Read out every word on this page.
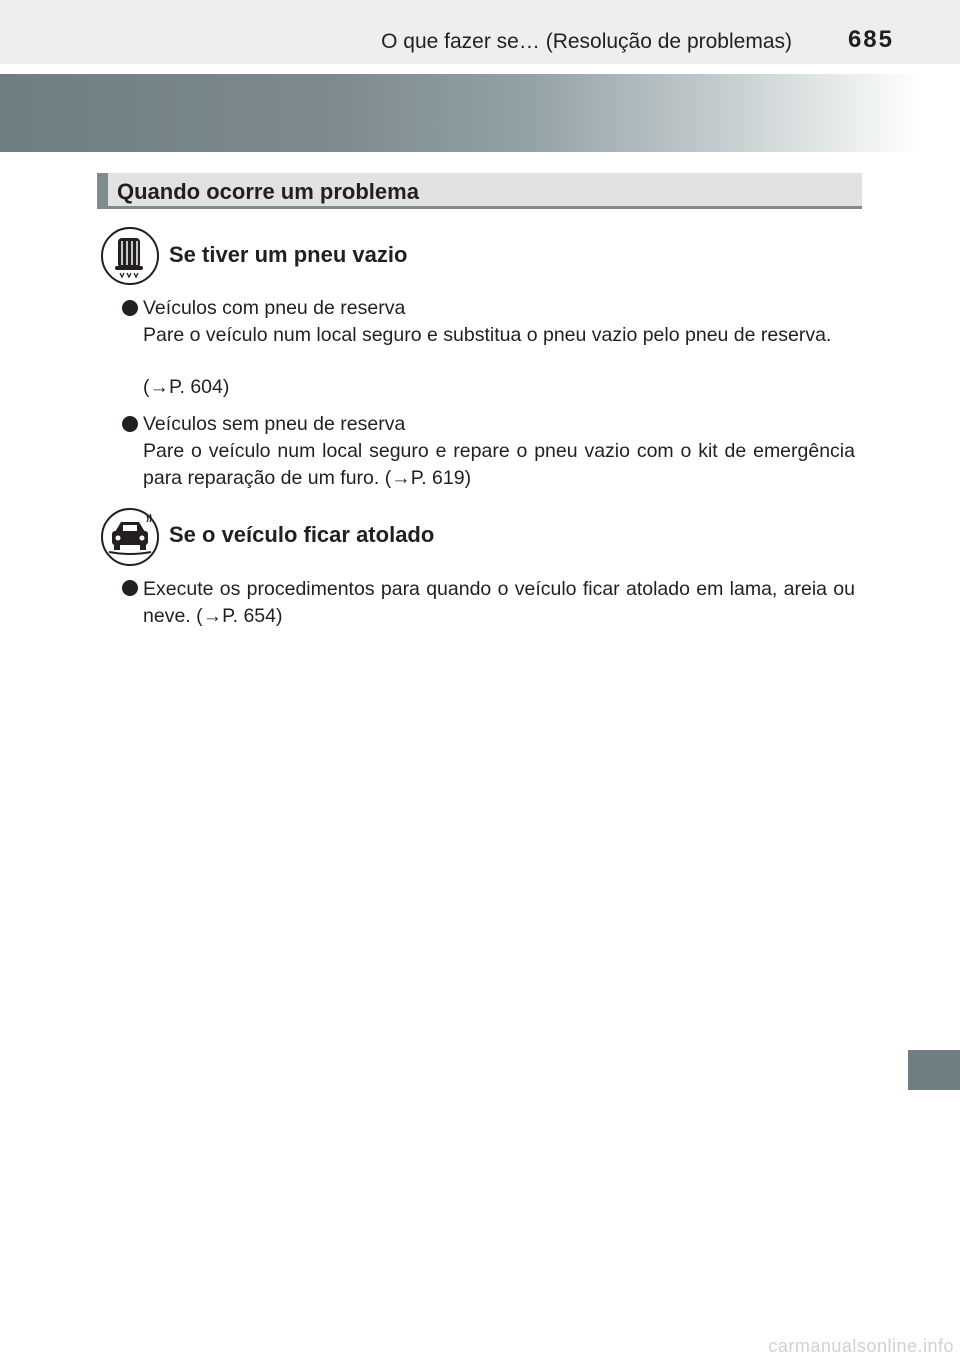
O que fazer se… (Resolução de problemas) 685
Quando ocorre um problema
Se tiver um pneu vazio
Veículos com pneu de reserva
Pare o veículo num local seguro e substitua o pneu vazio pelo pneu de reserva.
(→P. 604)
Veículos sem pneu de reserva
Pare o veículo num local seguro e repare o pneu vazio com o kit de emergência para reparação de um furo. (→P. 619)
Se o veículo ficar atolado
Execute os procedimentos para quando o veículo ficar atolado em lama, areia ou neve. (→P. 654)
carmanualsonline.info
